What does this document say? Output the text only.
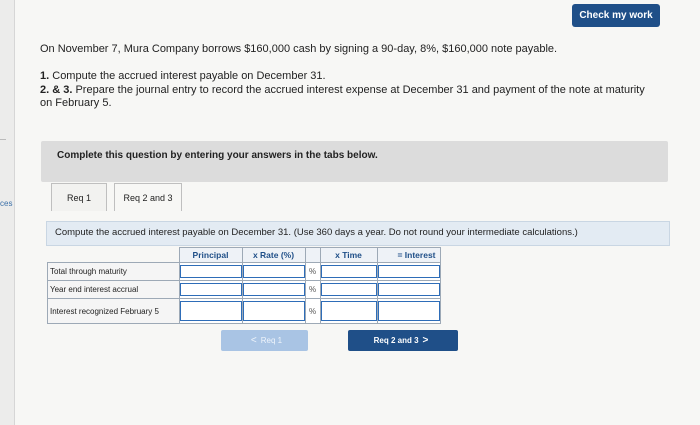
ces
Check my work
On November 7, Mura Company borrows $160,000 cash by signing a 90-day, 8%, $160,000 note payable.
1. Compute the accrued interest payable on December 31.
2. & 3. Prepare the journal entry to record the accrued interest expense at December 31 and payment of the note at maturity on February 5.
Complete this question by entering your answers in the tabs below.
Req 1	Req 2 and 3
Compute the accrued interest payable on December 31. (Use 360 days a year. Do not round your intermediate calculations.)
	Principal	x Rate (%)		x Time	= Interest
Total through maturity			%	

Year end interest accrual			%	

Interest recognized February 5			%	

< Req 1	Req 2 and 3 >
